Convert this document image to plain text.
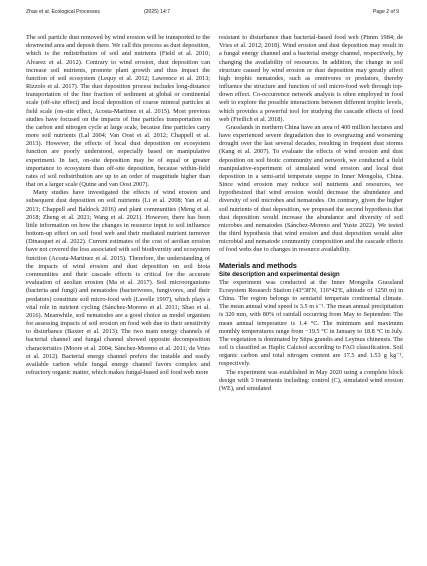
Zhao et al. Ecological Processes	(2025) 14:7	Page 2 of 9

The soil particle dust removed by wind erosion will be transported to the downwind area and deposit there. We call this process as dust deposition, which is the redistribution of soil and nutrients (Field et al. 2010; Alvarez et al. 2012). Contrary to wind erosion, dust deposition can increase soil nutrients, promote plant growth and thus impact the function of soil ecosystem (Lequy et al. 2012; Lawrence et al. 2013; Rizzolo et al. 2017). The dust deposition process includes long-distance transportation of the fine fraction of sediment at global or continental scale (off-site effect) and local deposition of coarse mineral particles at field scale (on-site effect, Acosta-Martinez et al. 2015). Most previous studies have focused on the impacts of fine particles transportation on the carbon and nitrogen cycle at large scale, because fine particles carry more soil nutrients (Lal 2004; Van Oost et al. 2012; Chappell et al. 2013). However, the effects of local dust deposition on ecosystem function are poorly understood, especially based on manipulative experiment. In fact, on-site deposition may be of equal or greater importance to ecosystem than off-site deposition, because within-field rates of soil redistribution are up to an order of magnitude higher than that on a larger scale (Quine and van Oost 2007).

Many studies have investigated the effects of wind erosion and subsequent dust deposition on soil nutrients (Li et al. 2008; Yan et al. 2013; Chappell and Baldock 2016) and plant communities (Meng et al. 2018; Zheng et al. 2021; Wang et al. 2021). However, there has been little information on how the changes in resource input to soil influence bottom-up effect on soil food web and their mediated nutrient turnover (Dinasquet et al. 2022). Current estimates of the cost of aeolian erosion have not covered the loss associated with soil biodiversity and ecosystem function (Acosta-Martinez et al. 2015). Therefore, the understanding of the impacts of wind erosion and dust deposition on soil biota communities and their cascade effects is critical for the accurate evaluation of aeolian erosion (Ma et al. 2017). Soil microorganisms (bacteria and fungi) and nematodes (bacterivores, fungivores, and their predators) constitute soil micro-food web (Lavelle 1997), which plays a vital role in nutrient cycling (Sánchez-Moreno et al. 2011; Shao et al. 2016). Meanwhile, soil nematodes are a good choice as model organism for assessing impacts of soil erosion on food web due to their sensitivity to disturbance (Baxter et al. 2013). The two main energy channels of bacterial channel and fungal channel showed opposite decomposition characteristics (Moore et al. 2004; Sánchez-Moreno et al. 2011; de Vries et al. 2012). Bacterial energy channel prefers the instable and easily available carbon while fungal energy channel favors complex and refractory organic matter, which makes fungal-based soil food web more

resistant to disturbance than bacterial-based food web (Pimm 1984; de Vries et al. 2012; 2018). Wind erosion and dust deposition may result in a fungal energy channel and a bacterial energy channel, respectively, by changing the availability of resources. In addition, the change in soil structure caused by wind erosion or dust deposition may greatly affect high trophic nematodes, such as omnivores or predators, thereby influence the structure and function of soil micro-food web through top-down effect. Co-occurrence network analysis is often employed in food web to explore the possible interactions between different trophic levels, which provides a powerful tool for studying the cascade effects of food web (Freilich et al. 2018).

Grasslands in northern China have an area of 400 million hectares and have experienced severe degradation due to overgrazing and worsening drought over the last several decades, resulting in frequent dust storms (Kang et al. 2007). To evaluate the effects of wind erosion and dust deposition on soil biotic community and network, we conducted a field manipulative-experiment of simulated wind erosion and local dust deposition in a semi-arid temperate steppe in Inner Mongolia, China. Since wind erosion may reduce soil nutrients and resources, we hypothesized that wind erosion would decrease the abundance and diversity of soil microbes and nematodes. On contrary, given the higher soil nutrients of dust deposition, we proposed the second hypothesis that dust deposition would increase the abundance and diversity of soil microbes and nematodes (Sánchez-Moreno and Yuste 2022). We tested the third hypothesis that wind erosion and dust deposition would alter microbial and nematode community composition and the cascade effects of food webs due to changes in resource availability.

Materials and methods
Site description and experimental design

The experiment was conducted at the Inner Mongolia Grassland Ecosystem Research Station (43°38′N, 116°42′E, altitude of 1250 m) in China. The region belongs to semiarid temperate continental climate. The mean annual wind speed is 3.5 m s⁻¹. The mean annual precipitation is 320 mm, with 80% of rainfall occurring from May to September. The mean annual temperature is 1.4 °C. The minimum and maximum monthly temperatures range from −19.5 °C in January to 18.8 °C in July. The vegetation is dominated by Stipa grandis and Leymus chinensis. The soil is classified as Haplic Calcisol according to FAO classification. Soil organic carbon and total nitrogen content are 17.5 and 1.53 g kg⁻¹, respectively.

The experiment was established in May 2020 using a complete block design with 3 treatments including: control (C), simulated wind erosion (WE), and simulated
